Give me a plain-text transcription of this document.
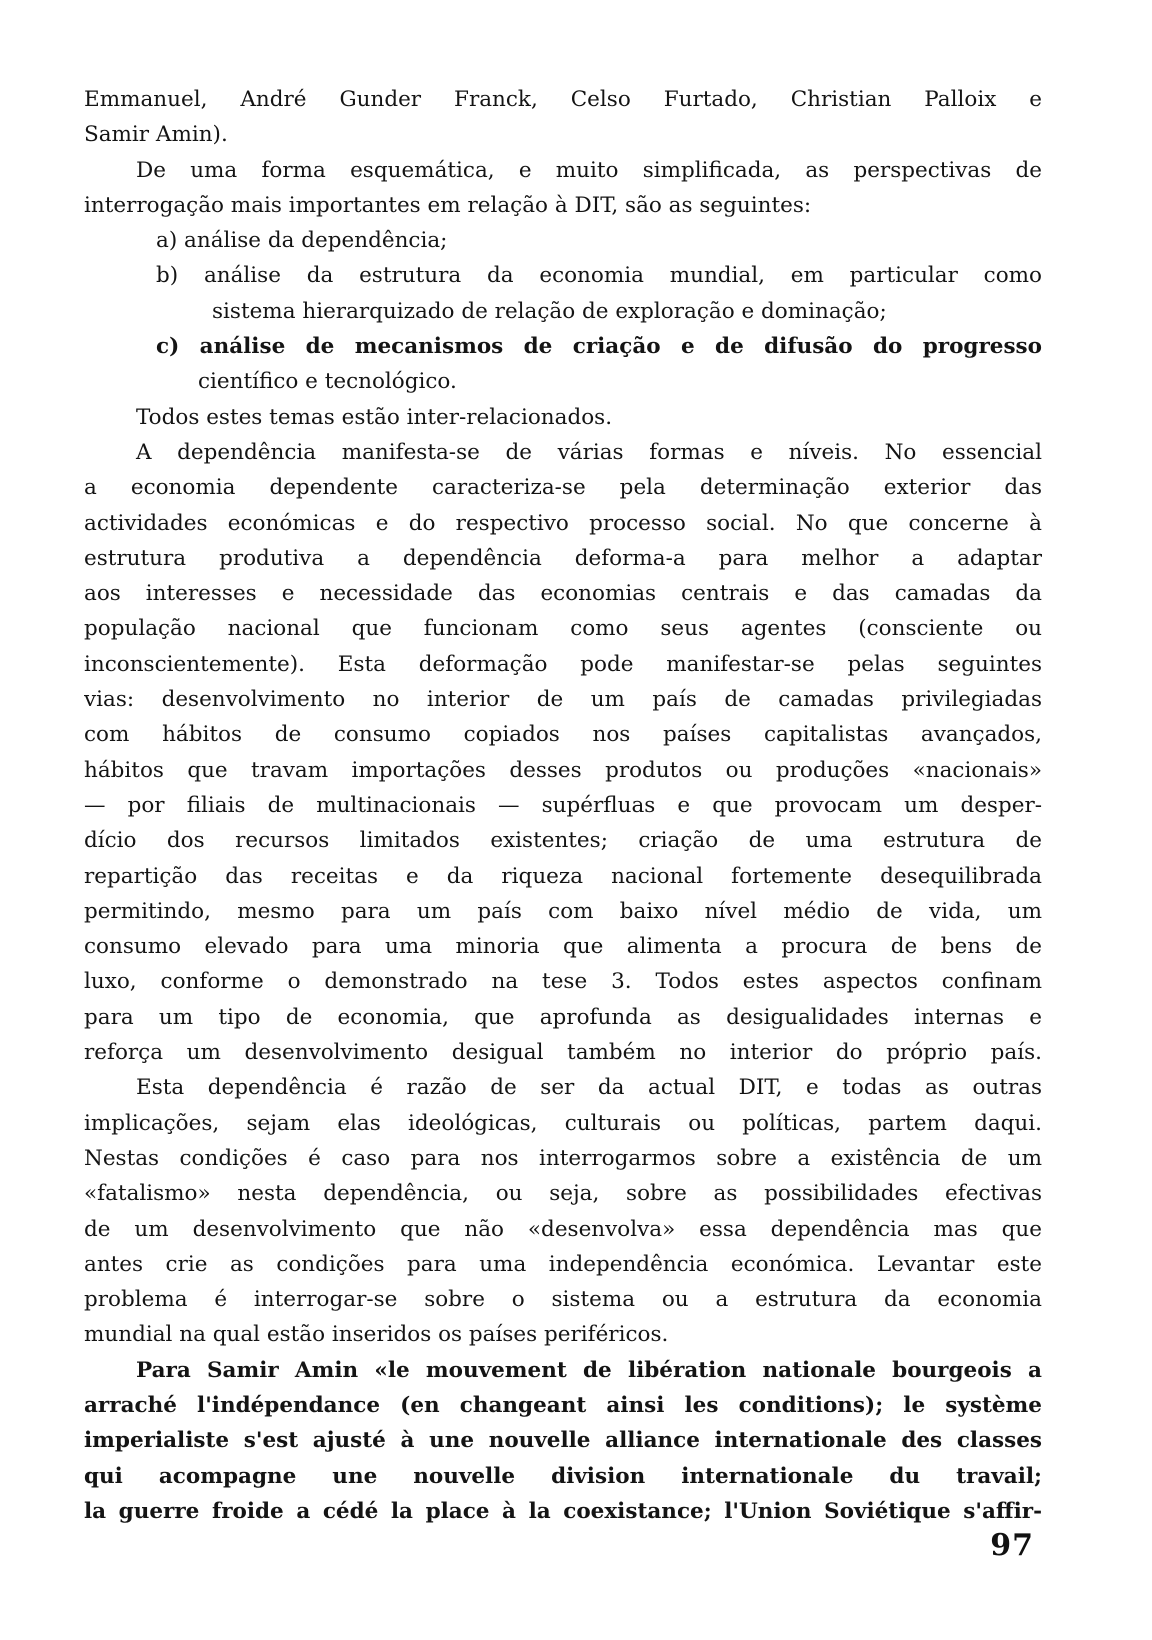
Emmanuel, André Gunder Franck, Celso Furtado, Christian Palloix e
Samir Amin).
De uma forma esquemática, e muito simplificada, as perspectivas de
interrogação mais importantes em relação à DIT, são as seguintes:
a) análise da dependência;
b) análise da estrutura da economia mundial, em particular como
sistema hierarquizado de relação de exploração e dominação;
c) análise de mecanismos de criação e de difusão do progresso
científico e tecnológico.
Todos estes temas estão inter-relacionados.
A dependência manifesta-se de várias formas e níveis. No essencial
a economia dependente caracteriza-se pela determinação exterior das
actividades económicas e do respectivo processo social. No que concerne à
estrutura produtiva a dependência deforma-a para melhor a adaptar
aos interesses e necessidade das economias centrais e das camadas da
população nacional que funcionam como seus agentes (consciente ou
inconscientemente). Esta deformação pode manifestar-se pelas seguintes
vias: desenvolvimento no interior de um país de camadas privilegiadas
com hábitos de consumo copiados nos países capitalistas avançados,
hábitos que travam importações desses produtos ou produções «nacionais»
— por filiais de multinacionais — supérfluas e que provocam um desper-
dício dos recursos limitados existentes; criação de uma estrutura de
repartição das receitas e da riqueza nacional fortemente desequilibrada
permitindo, mesmo para um país com baixo nível médio de vida, um
consumo elevado para uma minoria que alimenta a procura de bens de
luxo, conforme o demonstrado na tese 3. Todos estes aspectos confinam
para um tipo de economia, que aprofunda as desigualidades internas e
reforça um desenvolvimento desigual também no interior do próprio país.
Esta dependência é razão de ser da actual DIT, e todas as outras
implicações, sejam elas ideológicas, culturais ou políticas, partem daqui.
Nestas condições é caso para nos interrogarmos sobre a existência de um
«fatalismo» nesta dependência, ou seja, sobre as possibilidades efectivas
de um desenvolvimento que não «desenvolva» essa dependência mas que
antes crie as condições para uma independência económica. Levantar este
problema é interrogar-se sobre o sistema ou a estrutura da economia
mundial na qual estão inseridos os países periféricos.
Para Samir Amin «le mouvement de libération nationale bourgeois a
arraché l'indépendance (en changeant ainsi les conditions); le système
imperialiste s'est ajusté à une nouvelle alliance internationale des classes
qui acompagne une nouvelle division internationale du travail;
la guerre froide a cédé la place à la coexistance; l'Union Soviétique s'affir-
97
